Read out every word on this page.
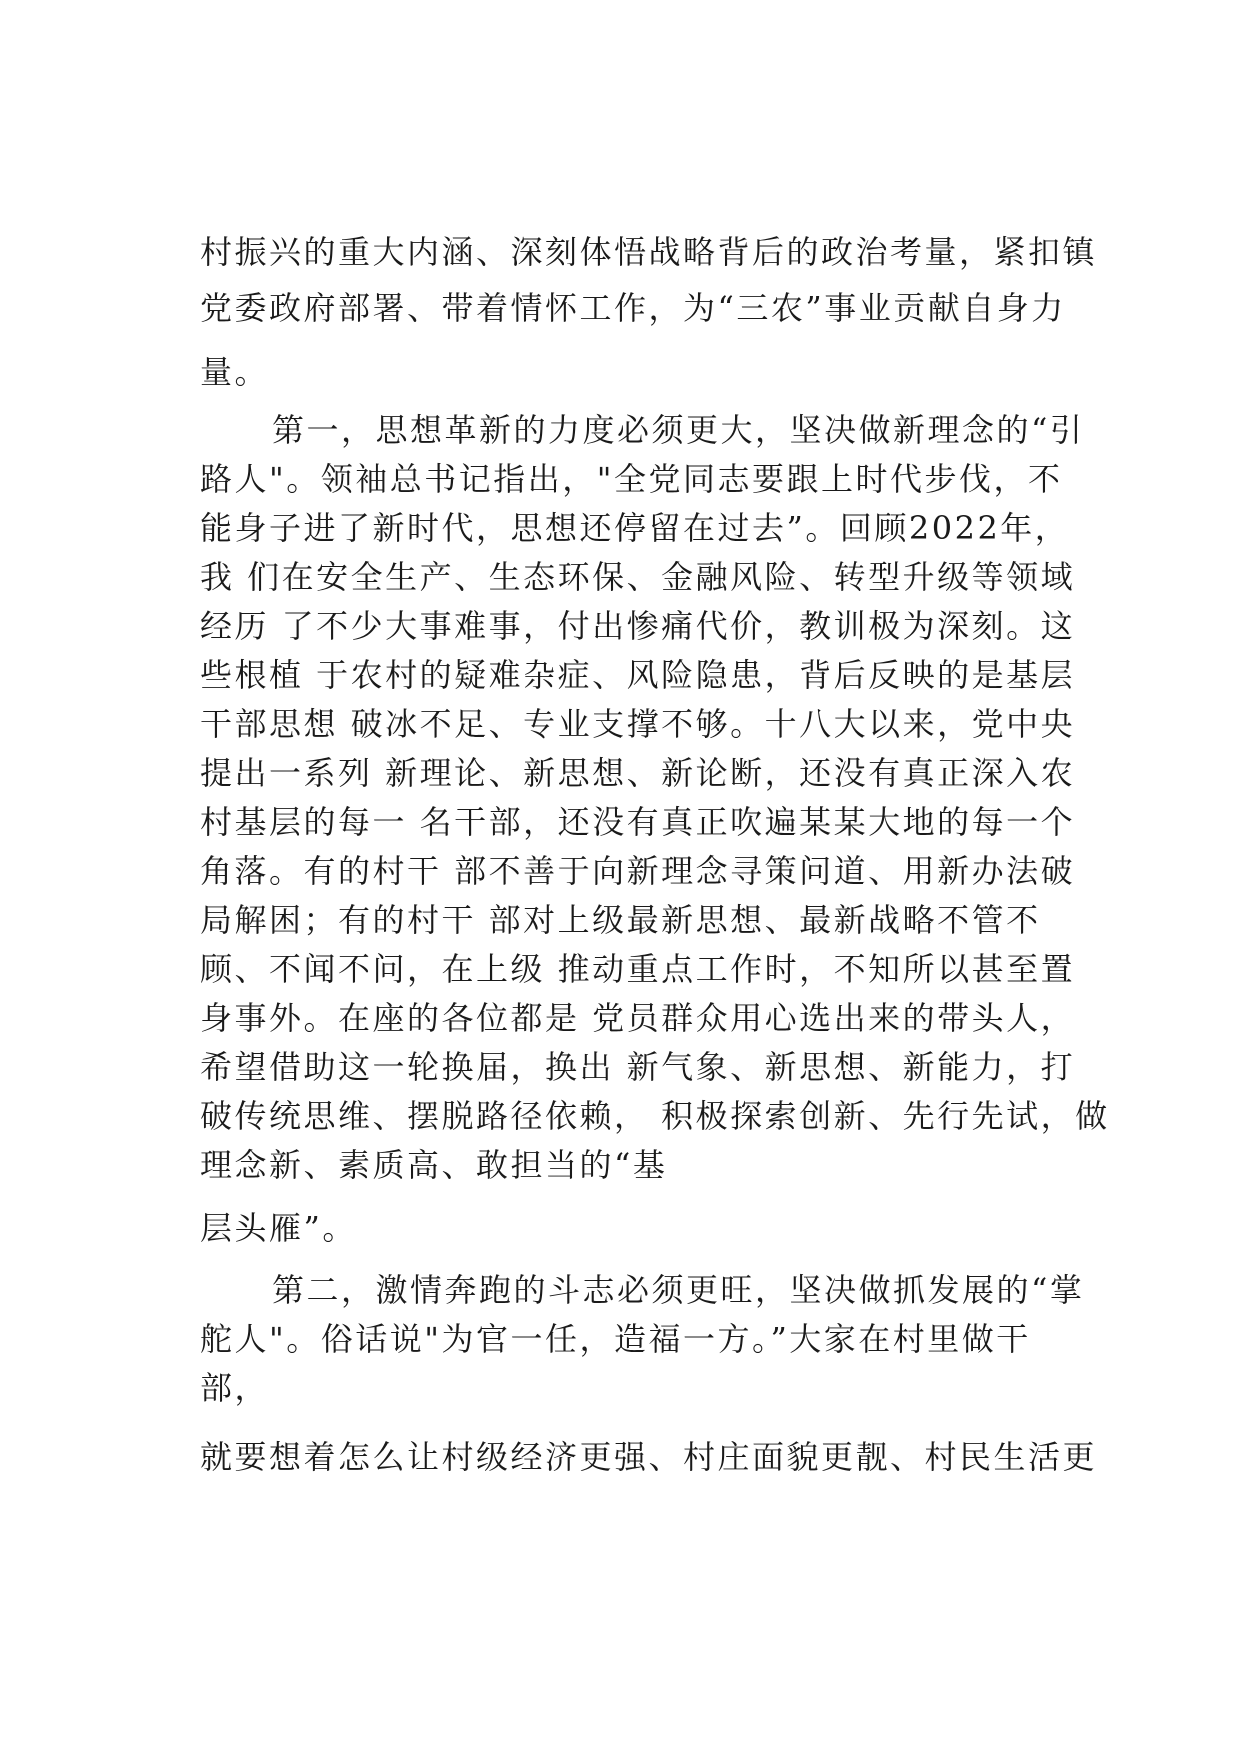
村振兴的重大内涵、深刻体悟战略背后的政治考量，紧扣镇
党委政府部署、带着情怀工作，为“三农”事业贡献自身力
量。
第一，思想革新的力度必须更大，坚决做新理念的“引
路人"。领袖总书记指出，"全党同志要跟上时代步伐，不
能身子进了新时代，思想还停留在过去”。回顾2022年，
我 们在安全生产、生态环保、金融风险、转型升级等领域
经历 了不少大事难事，付出惨痛代价，教训极为深刻。这
些根植 于农村的疑难杂症、风险隐患，背后反映的是基层
干部思想 破冰不足、专业支撑不够。十八大以来，党中央
提出一系列 新理论、新思想、新论断，还没有真正深入农
村基层的每一 名干部，还没有真正吹遍某某大地的每一个
角落。有的村干 部不善于向新理念寻策问道、用新办法破
局解困；有的村干 部对上级最新思想、最新战略不管不
顾、不闻不问，在上级 推动重点工作时，不知所以甚至置
身事外。在座的各位都是 党员群众用心选出来的带头人，
希望借助这一轮换届，换出 新气象、新思想、新能力，打
破传统思维、摆脱路径依赖， 积极探索创新、先行先试，做
理念新、素质高、敢担当的“基
层头雁”。
第二，激情奔跑的斗志必须更旺，坚决做抓发展的“掌
舵人"。俗话说"为官一任，造福一方。”大家在村里做干
部，
就要想着怎么让村级经济更强、村庄面貌更靓、村民生活更
